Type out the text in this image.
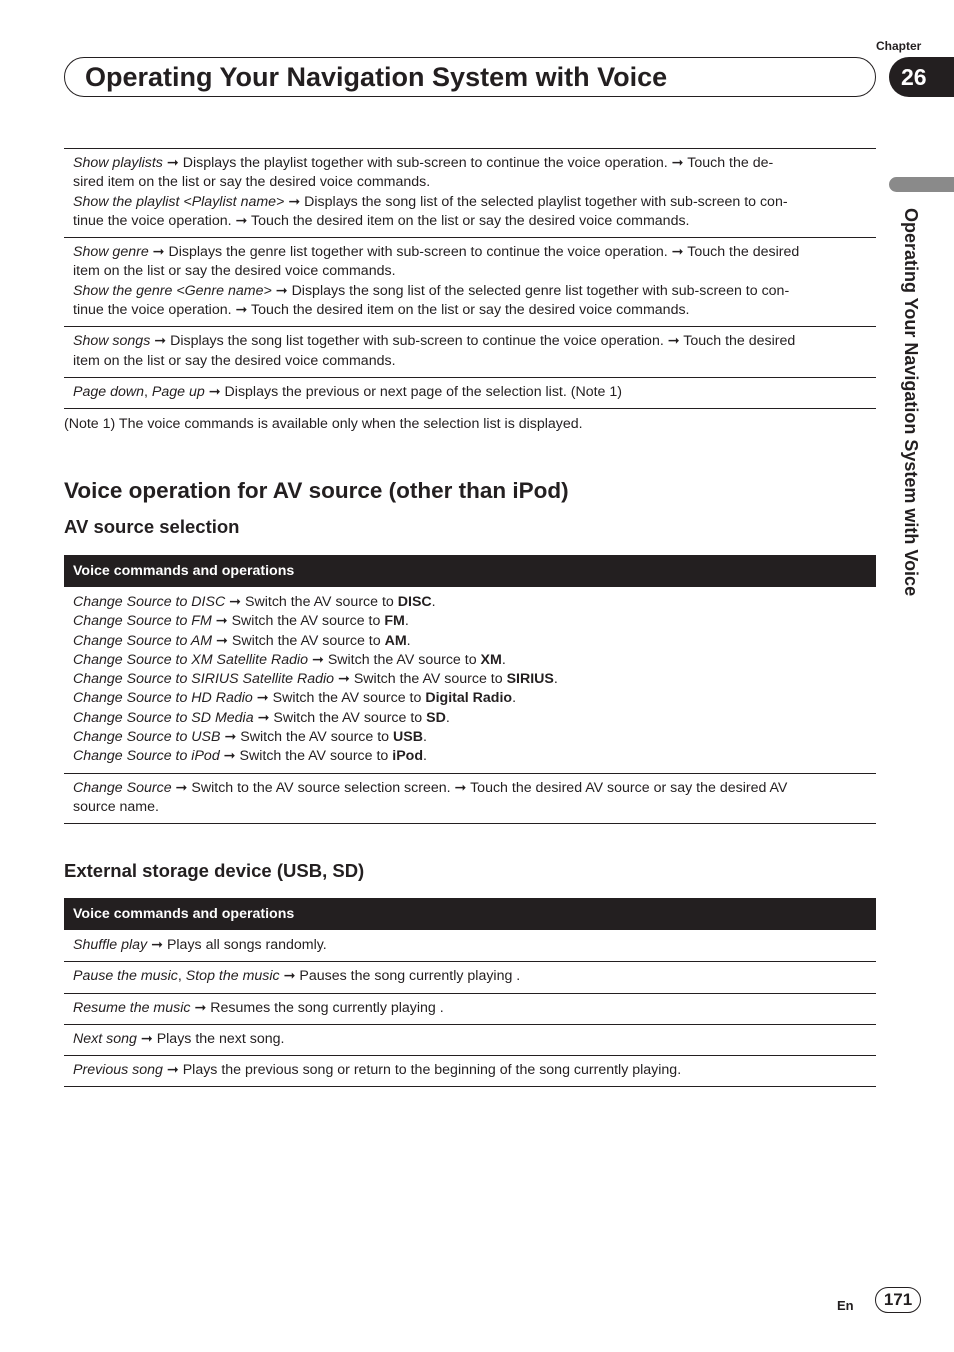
Chapter
Operating Your Navigation System with Voice	26
Operating Your Navigation System with Voice
Show playlists ➞ Displays the playlist together with sub-screen to continue the voice operation. ➞ Touch the de-
sired item on the list or say the desired voice commands.
Show the playlist <Playlist name> ➞ Displays the song list of the selected playlist together with sub-screen to con-
tinue the voice operation. ➞ Touch the desired item on the list or say the desired voice commands.
Show genre ➞ Displays the genre list together with sub-screen to continue the voice operation. ➞ Touch the desired
item on the list or say the desired voice commands.
Show the genre <Genre name> ➞ Displays the song list of the selected genre list together with sub-screen to con-
tinue the voice operation. ➞ Touch the desired item on the list or say the desired voice commands.
Show songs ➞ Displays the song list together with sub-screen to continue the voice operation. ➞ Touch the desired
item on the list or say the desired voice commands.
Page down, Page up ➞ Displays the previous or next page of the selection list. (Note 1)
(Note 1) The voice commands is available only when the selection list is displayed.
Voice operation for AV source (other than iPod)
AV source selection
Voice commands and operations
Change Source to DISC ➞ Switch the AV source to DISC.
Change Source to FM ➞ Switch the AV source to FM.
Change Source to AM ➞ Switch the AV source to AM.
Change Source to XM Satellite Radio ➞ Switch the AV source to XM.
Change Source to SIRIUS Satellite Radio ➞ Switch the AV source to SIRIUS.
Change Source to HD Radio ➞ Switch the AV source to Digital Radio.
Change Source to SD Media ➞ Switch the AV source to SD.
Change Source to USB ➞ Switch the AV source to USB.
Change Source to iPod ➞ Switch the AV source to iPod.
Change Source ➞ Switch to the AV source selection screen. ➞ Touch the desired AV source or say the desired AV
source name.
External storage device (USB, SD)
Voice commands and operations
Shuffle play ➞ Plays all songs randomly.
Pause the music, Stop the music ➞ Pauses the song currently playing .
Resume the music ➞ Resumes the song currently playing .
Next song ➞ Plays the next song.
Previous song ➞ Plays the previous song or return to the beginning of the song currently playing.
En	171
